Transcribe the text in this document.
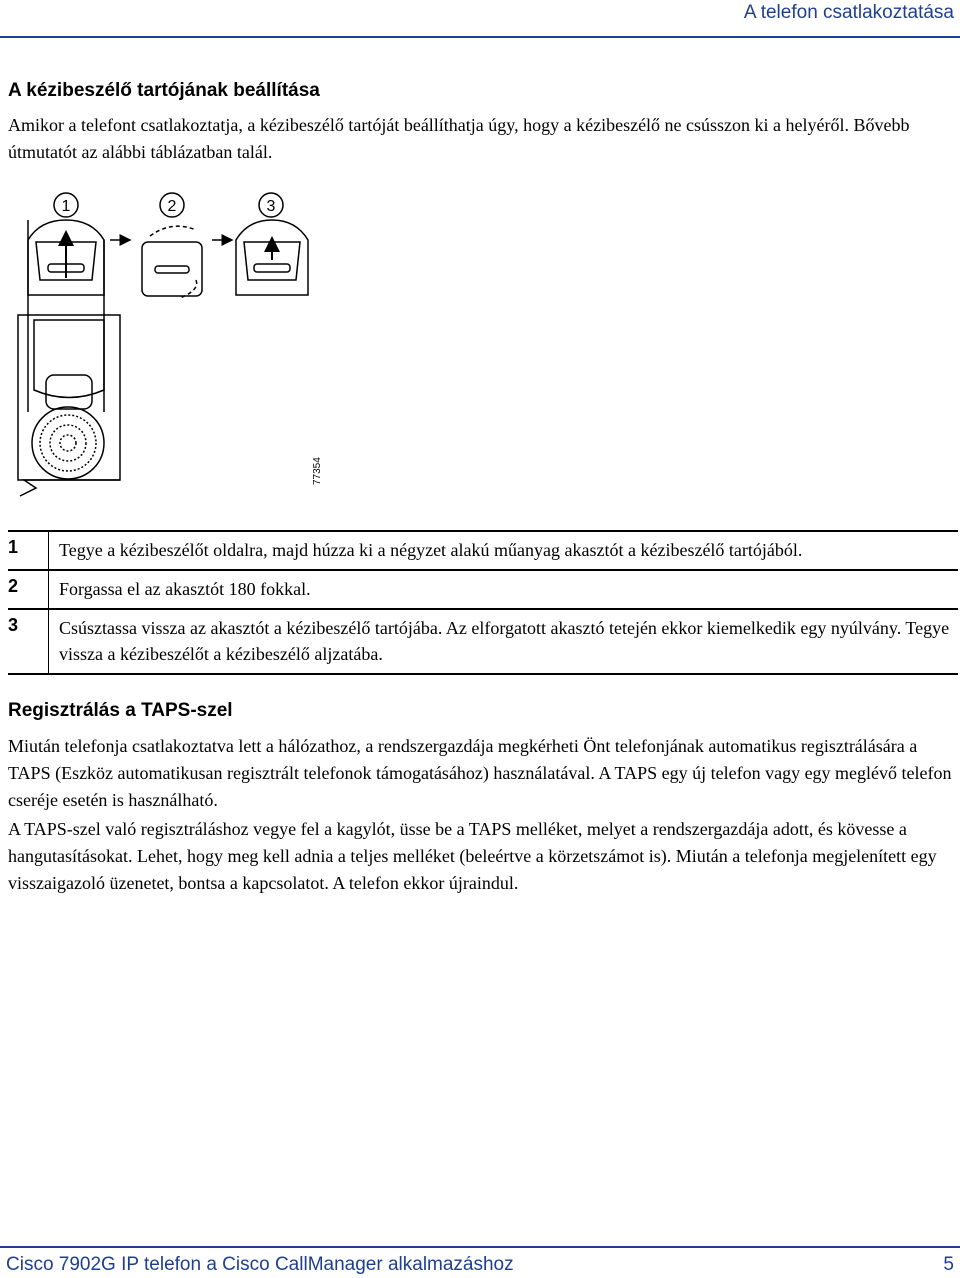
A telefon csatlakoztatása
A kézibeszélő tartójának beállítása

Amikor a telefont csatlakoztatja, a kézibeszélő tartóját beállíthatja úgy, hogy a kézibeszélő ne csússzon ki a helyéről. Bővebb útmutatót az alábbi táblázatban talál.

1	2	3
77354
1	Tegye a kézibeszélőt oldalra, majd húzza ki a négyzet alakú műanyag akasztót a kézibeszélő tartójából.
2	Forgassa el az akasztót 180 fokkal.
3	Csúsztassa vissza az akasztót a kézibeszélő tartójába. Az elforgatott akasztó tetején ekkor kiemelkedik egy nyúlvány. Tegye vissza a kézibeszélőt a kézibeszélő aljzatába.
Regisztrálás a TAPS-szel

Miután telefonja csatlakoztatva lett a hálózathoz, a rendszergazdája megkérheti Önt telefonjának automatikus regisztrálására a TAPS (Eszköz automatikusan regisztrált telefonok támogatásához) használatával. A TAPS egy új telefon vagy egy meglévő telefon cseréje esetén is használható.

A TAPS-szel való regisztráláshoz vegye fel a kagylót, üsse be a TAPS melléket, melyet a rendszergazdája adott, és kövesse a hangutasításokat. Lehet, hogy meg kell adnia a teljes melléket (beleértve a körzetszámot is). Miután a telefonja megjelenített egy visszaigazoló üzenetet, bontsa a kapcsolatot. A telefon ekkor újraindul.

Cisco 7902G IP telefon a Cisco CallManager alkalmazáshoz	5
